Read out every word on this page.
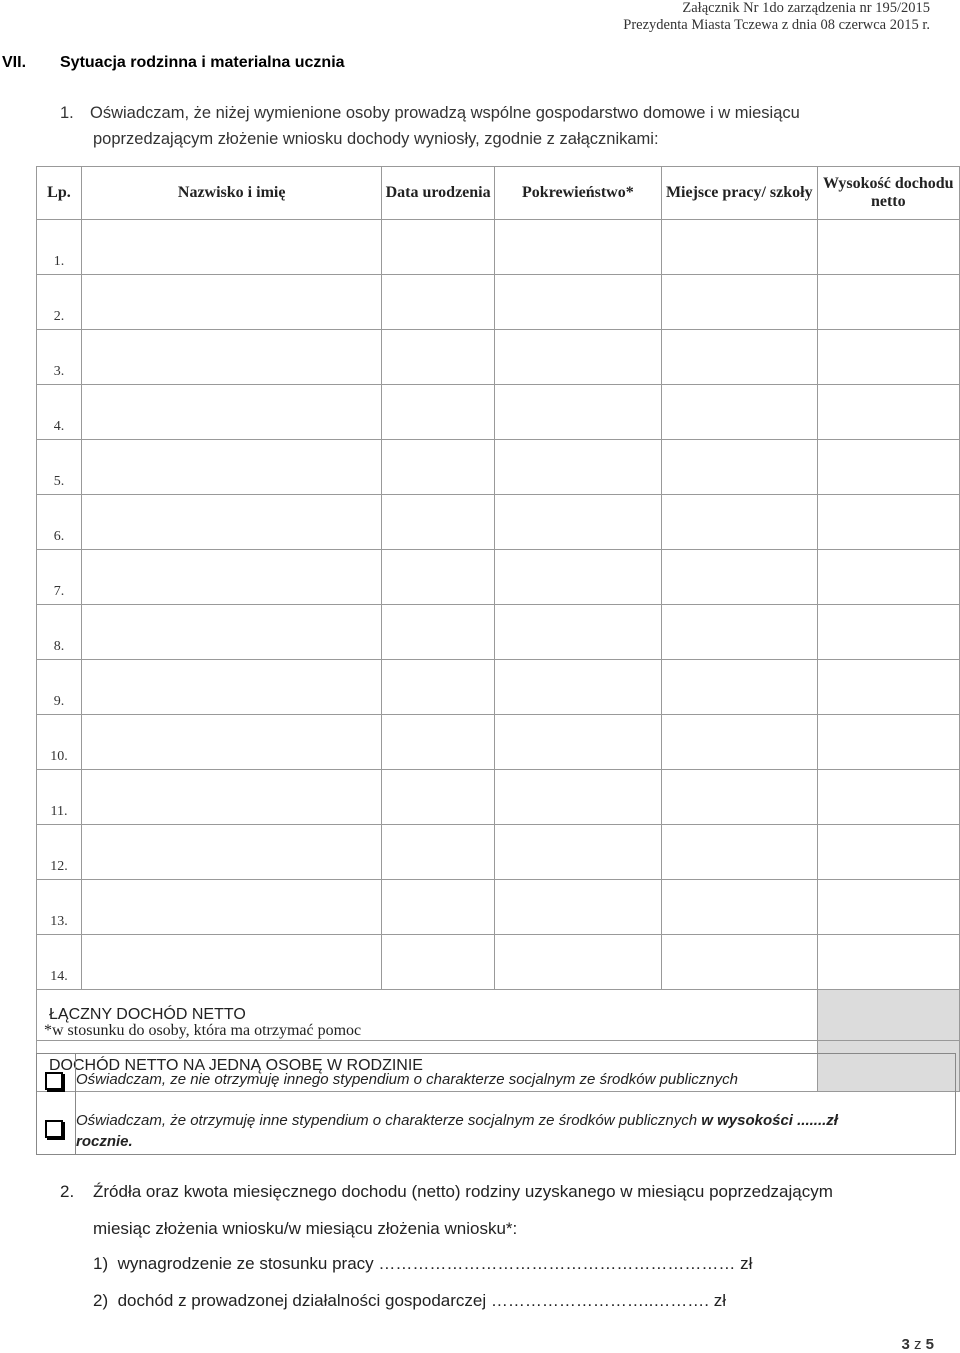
Załącznik Nr 1do zarządzenia nr 195/2015
Prezydenta Miasta Tczewa z dnia 08 czerwca 2015 r.
VII. Sytuacja rodzinna i materialna ucznia
1. Oświadczam, że niżej wymienione osoby prowadzą wspólne gospodarstwo domowe i w miesiącu
poprzedzającym złożenie wniosku dochody wyniosły, zgodnie z załącznikami:
Lp.	Nazwisko i imię	Data urodzenia	Pokrewieństwo*	Miejsce pracy/ szkoły	Wysokość dochodu netto
1.					
2.					
3.					
4.					
5.					
6.					
7.					
8.					
9.					
10.					
11.					
12.					
13.					
14.					
ŁĄCZNY DOCHÓD NETTO					
DOCHÓD NETTO NA JEDNĄ OSOBĘ W RODZINIE					
*w stosunku do osoby, która ma otrzymać pomoc
Oświadczam, ze nie otrzymuję innego stypendium o charakterze socjalnym ze środków publicznych
Oświadczam, że otrzymuję inne stypendium o charakterze socjalnym ze środków publicznych w wysokości .......zł
rocznie.
2. Źródła oraz kwota miesięcznego dochodu (netto) rodziny uzyskanego w miesiącu poprzedzającym
miesiąc złożenia wniosku/w miesiącu złożenia wniosku*:
1) wynagrodzenie ze stosunku pracy ……………………………………………………… zł
2) dochód z prowadzonej działalności gospodarczej ………………………..………. zł
3 z 5
